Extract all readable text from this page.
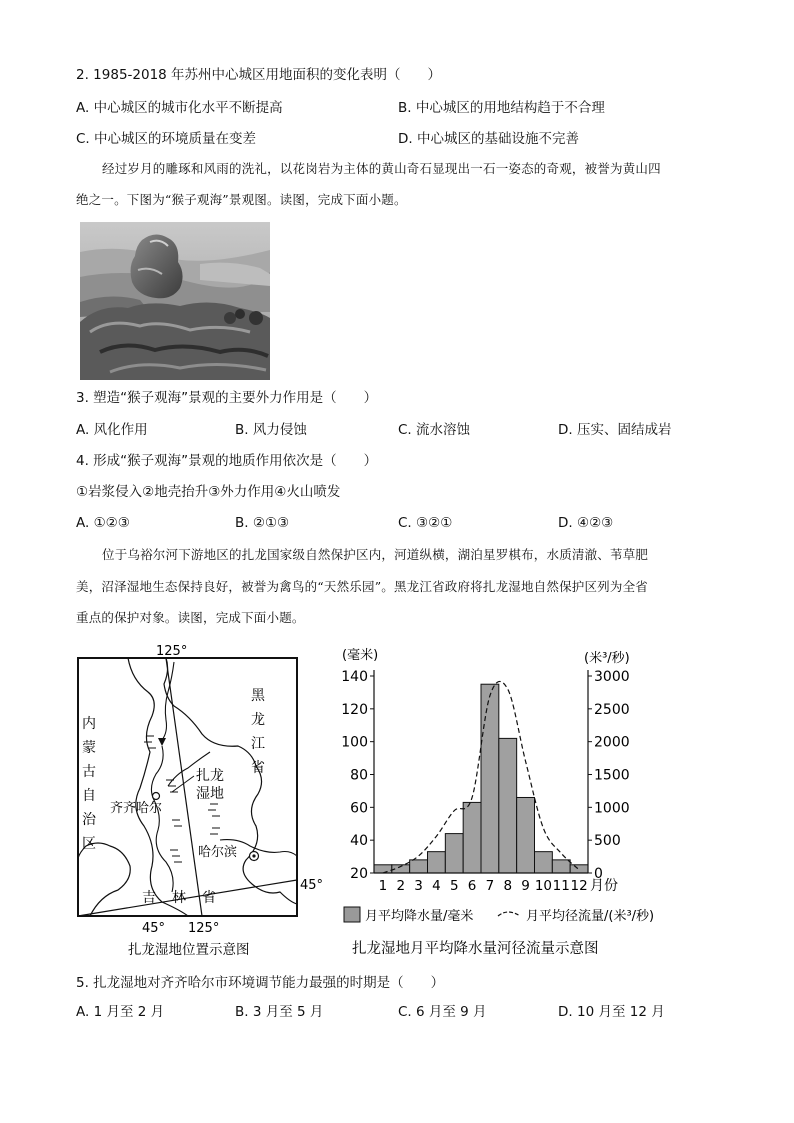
2. 1985-2018 年苏州中心城区用地面积的变化表明（　　）
A. 中心城区的城市化水平不断提高	B. 中心城区的用地结构趋于不合理
C. 中心城区的环境质量在变差	D. 中心城区的基础设施不完善
经过岁月的雕琢和风雨的洗礼，以花岗岩为主体的黄山奇石显现出一石一姿态的奇观，被誉为黄山四
绝之一。下图为“猴子观海”景观图。读图，完成下面小题。
3. 塑造“猴子观海”景观的主要外力作用是（　　）
A. 风化作用	B. 风力侵蚀	C. 流水溶蚀	D. 压实、固结成岩
4. 形成“猴子观海”景观的地质作用依次是（　　）
①岩浆侵入②地壳抬升③外力作用④火山喷发
A. ①②③	B. ②①③	C. ③②①	D. ④②③
位于乌裕尔河下游地区的扎龙国家级自然保护区内，河道纵横，湖泊星罗棋布，水质清澈、苇草肥
美，沼泽湿地生态保持良好，被誉为禽鸟的“天然乐园”。黑龙江省政府将扎龙湿地自然保护区列为全省
重点的保护对象。读图，完成下面小题。
125°
内
蒙
古
自
治
区
黑
龙
江
省
扎龙
湿地
齐齐哈尔
哈尔滨
吉 林 省
45°
45° 125°
扎龙湿地位置示意图
20
40
60
80
100
120
140
0
500
1000
1500
2000
2500
3000
1 2 3 4 5 6 7 8 9 10 11 12
(毫米)	(米³/秒)
月份
月平均降水量/毫米	月平均径流量/(米³/秒)
扎龙湿地月平均降水量河径流量示意图
5. 扎龙湿地对齐齐哈尔市环境调节能力最强的时期是（　　）
A. 1 月至 2 月	B. 3 月至 5 月	C. 6 月至 9 月	D. 10 月至 12 月
